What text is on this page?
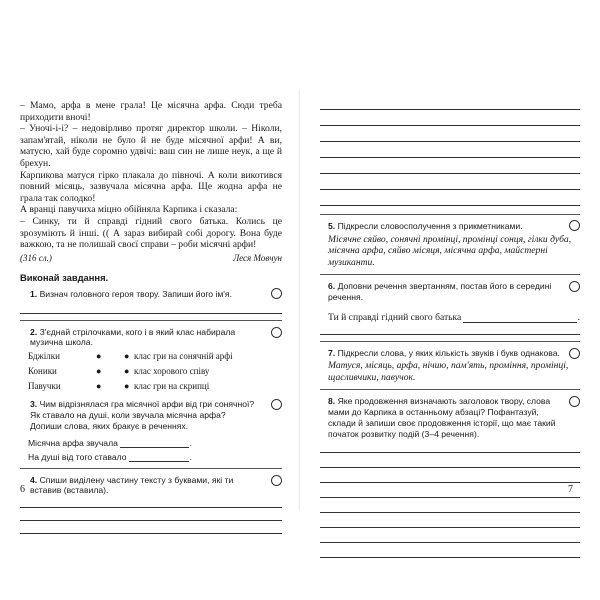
– Мамо, арфа в мене грала! Це місячна арфа. Сюди треба приходити вночі!

– Уночі-і-і? – недовірливо протяг директор школи. – Ніколи, запам'ятай, ніколи не було й не буде місячної арфи! А ви, матусю, хай буде соромно удвічі: ваш син не лише неук, а ще й брехун.

Карпикова матуся гірко плакала до півночі. А коли викотився повний місяць, зазвучала місячна арфа. Ще жодна арфа не грала так солодко!

А вранці павучиха міцно обійняла Карпика і сказала:

– Синку, ти й справді гідний свого батька. Колись це зрозуміють й інші. (( А зараз вибирай собі дорогу. Вона буде важкою, та не полишай своєї справи – роби місячні арфи!

(316 сл.)	Леся Мовчун
Виконай завдання.
1. Визнач головного героя твору. Запиши його ім'я.
2. З'єднай стрілочками, кого і в який клас набирала музична школа.
Бджілки	●	● клас гри на сонячній арфі
Коники	●	● клас хорового співу
Павучки	●	● клас гри на скрипці
3. Чим відрізнялася гра місячної арфи від гри сонячної? Як ставало на душі, коли звучала місячна арфа?
Допиши слова, яких бракує в реченнях.
Місячна арфа звучала	.
На душі від того ставало	.
4. Спиши виділену частину тексту з буквами, які ти вставив (вставила).
6
5. Підкресли словосполучення з прикметниками.
Місячне сяйво, сонячні промінці, промінці сонця, гілки дуба, місячна арфа, сяйво місяця, місячна арфа, майстерні музиканти.
6. Доповни речення звертанням, постав його в середині речення.
Ти й справді гідний свого батька	.
7. Підкресли слова, у яких кількість звуків і букв однакова.
Матуся, місяць, арфа, нічию, пам'ять, проміння, промінці, щасливчики, павучок.
8. Яке продовження визначають заголовок твору, слова мами до Карпика в останньому абзаці? Пофантазуй, склади й запиши своє продовження історії, що має такий початок розвитку подій (3–4 речення).
7
